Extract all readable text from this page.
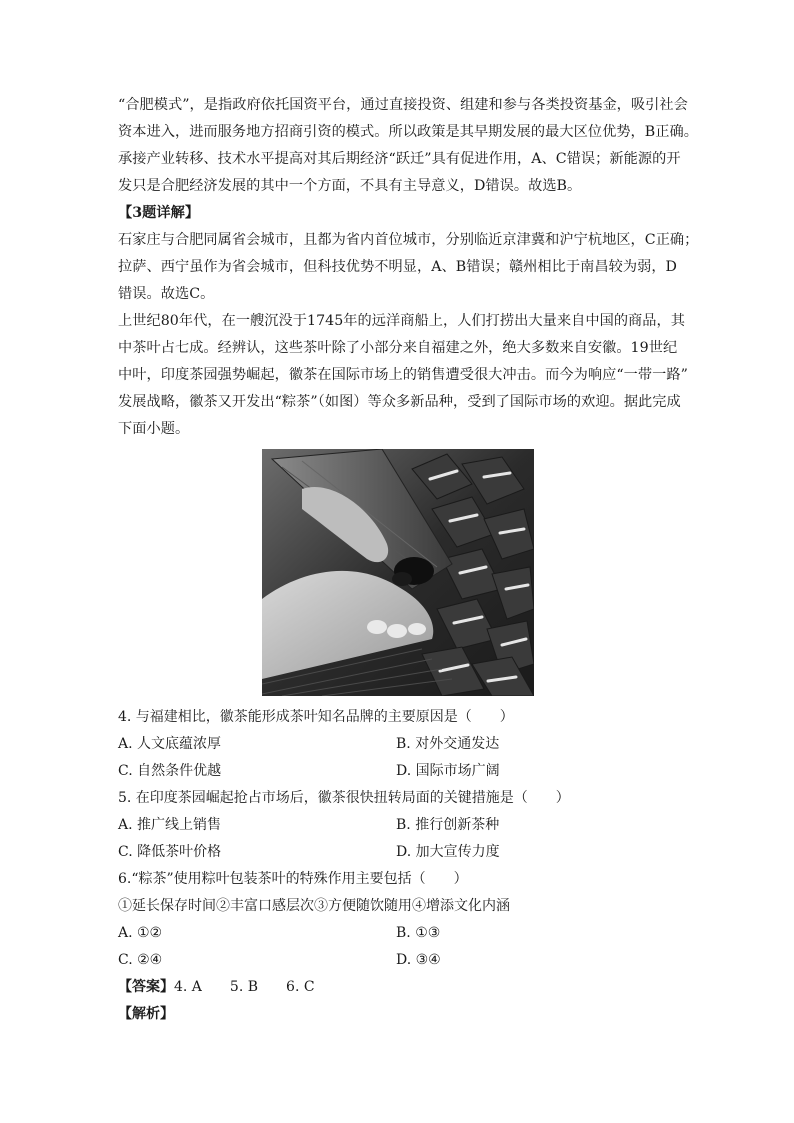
“合肥模式”，是指政府依托国资平台，通过直接投资、组建和参与各类投资基金，吸引社会
资本进入，进而服务地方招商引资的模式。所以政策是其早期发展的最大区位优势，B正确。
承接产业转移、技术水平提高对其后期经济“跃迁”具有促进作用，A、C错误；新能源的开
发只是合肥经济发展的其中一个方面，不具有主导意义，D错误。故选B。
【3题详解】
石家庄与合肥同属省会城市，且都为省内首位城市，分别临近京津冀和沪宁杭地区，C正确；
拉萨、西宁虽作为省会城市，但科技优势不明显，A、B错误；赣州相比于南昌较为弱，D
错误。故选C。
上世纪80年代，在一艘沉没于1745年的远洋商船上，人们打捞出大量来自中国的商品，其
中茶叶占七成。经辨认，这些茶叶除了小部分来自福建之外，绝大多数来自安徽。19世纪
中叶，印度茶园强势崛起，徽茶在国际市场上的销售遭受很大冲击。而今为响应“一带一路”
发展战略，徽茶又开发出“粽茶”（如图）等众多新品种，受到了国际市场的欢迎。据此完成
下面小题。
4. 与福建相比，徽茶能形成茶叶知名品牌的主要原因是（　　）
A. 人文底蕴浓厚	B. 对外交通发达
C. 自然条件优越	D. 国际市场广阔
5. 在印度茶园崛起抢占市场后，徽茶很快扭转局面的关键措施是（　　）
A. 推广线上销售	B. 推行创新茶种
C. 降低茶叶价格	D. 加大宣传力度
6.“粽茶”使用粽叶包装茶叶的特殊作用主要包括（　　）
①延长保存时间②丰富口感层次③方便随饮随用④增添文化内涵
A. ①②	B. ①③
C. ②④	D. ③④
【答案】4. A 5. B 6. C
【解析】
